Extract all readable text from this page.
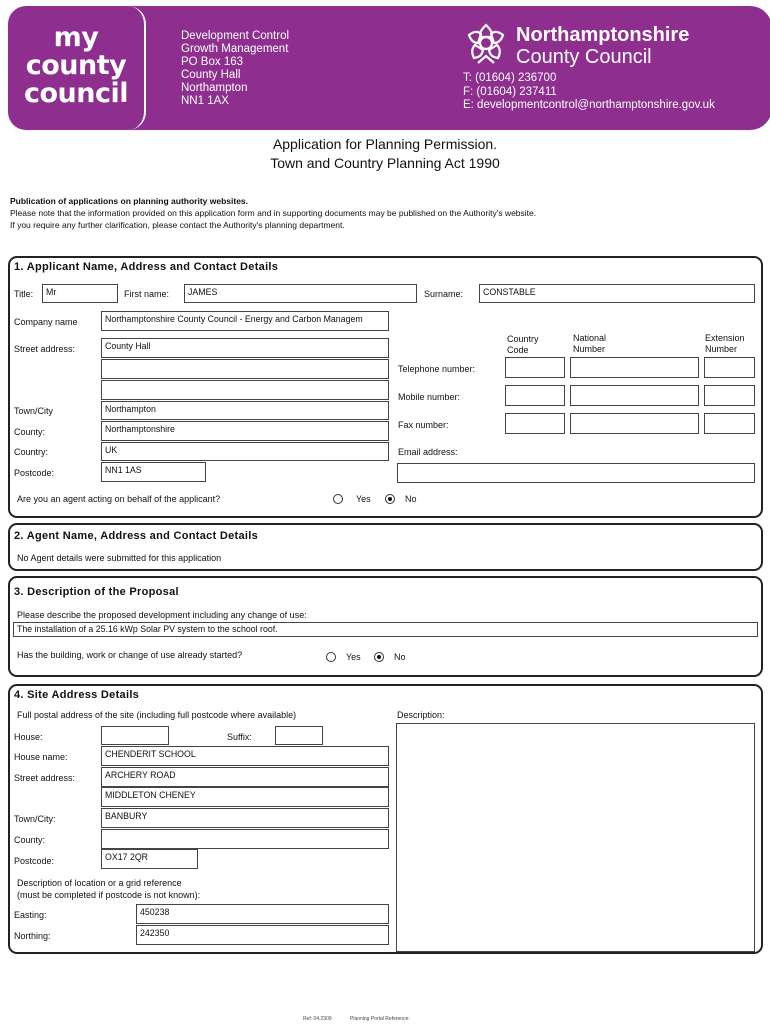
my
county
council
Development Control
Growth Management
PO Box 163
County Hall
Northampton
NN1 1AX
Northamptonshire
County Council
T: (01604) 236700
F: (01604) 237411
E: developmentcontrol@northamptonshire.gov.uk
Application for Planning Permission.
Town and Country Planning Act 1990
Publication of applications on planning authority websites.
Please note that the information provided on this application form and in supporting documents may be published on the Authority's website.
If you require any further clarification, please contact the Authority's planning department.
1. Applicant Name, Address and Contact Details
Title:	Mr	First name:	JAMES	Surname:	CONSTABLE
Company name	Northamptonshire County Council - Energy and Carbon Managem
Street address:	County Hall
Town/City	Northampton
County:	Northamptonshire
Country:	UK
Postcode:	NN1 1AS
Country Code
National Number
Extension Number
Telephone number:
Mobile number:
Fax number:
Email address:
Are you an agent acting on behalf of the applicant?	Yes	No
2. Agent Name, Address and Contact Details
No Agent details were submitted for this application
3. Description of the Proposal
Please describe the proposed development including any change of use:
The installation of a 25.16 kWp Solar PV system to the school roof.
Has the building, work or change of use already started?	Yes	No
4. Site Address Details
Full postal address of the site (including full postcode where available)	Description:
House:	Suffix:
House name:	CHENDERIT SCHOOL
Street address:	ARCHERY ROAD
MIDDLETON CHENEY
Town/City:	BANBURY
County:
Postcode:	OX17 2QR
Description of location or a grid reference
(must be completed if postcode is not known):
Easting:	450238
Northing:	242350
Ref: 04.2309	Planning Portal Reference:
